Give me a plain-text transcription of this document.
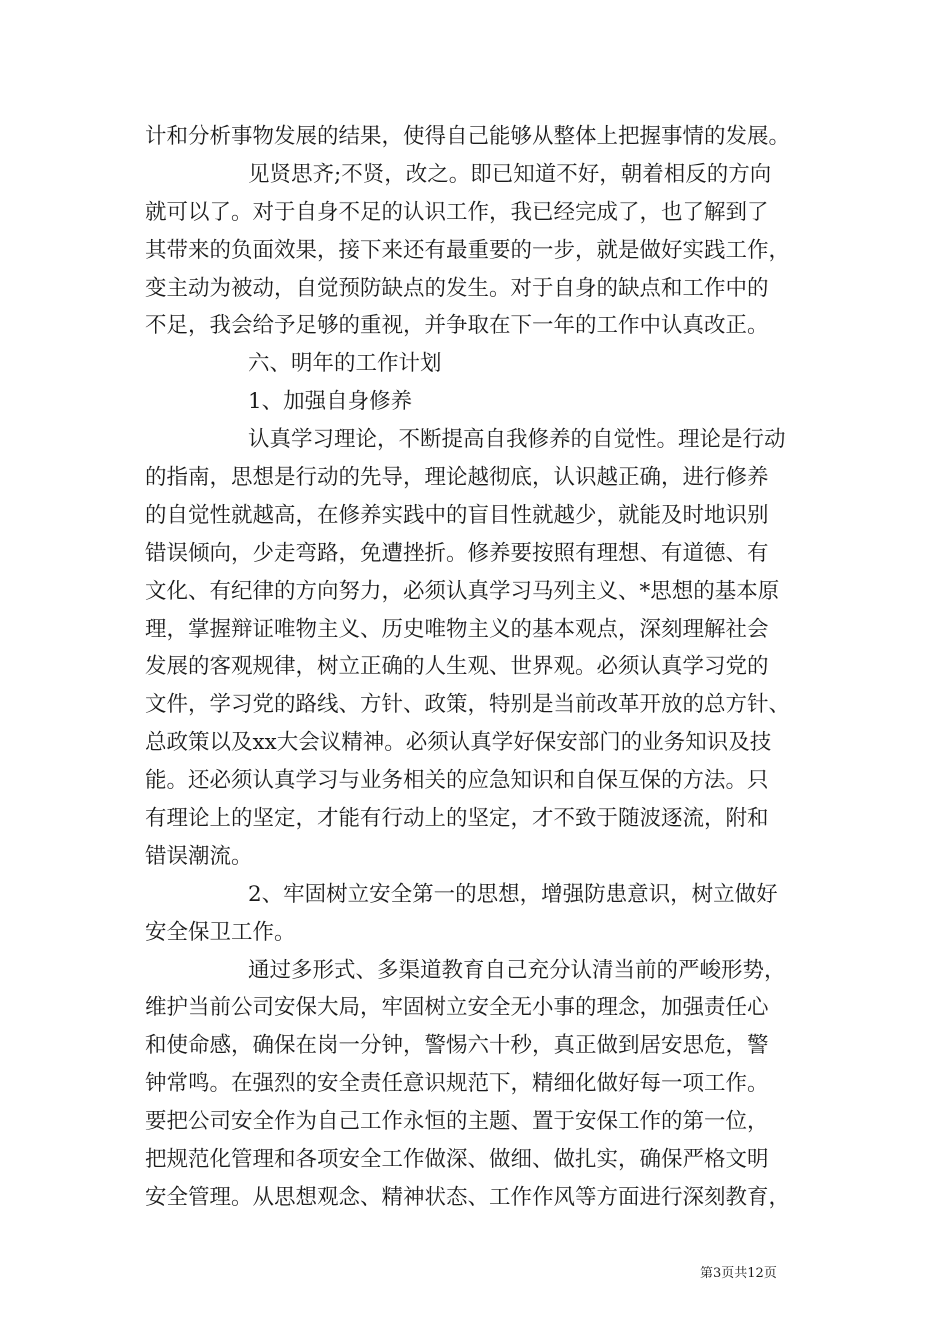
计和分析事物发展的结果，使得自己能够从整体上把握事情的发展。
见贤思齐;不贤，改之。即已知道不好，朝着相反的方向
就可以了。对于自身不足的认识工作，我已经完成了，也了解到了
其带来的负面效果，接下来还有最重要的一步，就是做好实践工作，
变主动为被动，自觉预防缺点的发生。对于自身的缺点和工作中的
不足，我会给予足够的重视，并争取在下一年的工作中认真改正。
六、明年的工作计划
1、加强自身修养
认真学习理论，不断提高自我修养的自觉性。理论是行动
的指南，思想是行动的先导，理论越彻底，认识越正确，进行修养
的自觉性就越高，在修养实践中的盲目性就越少，就能及时地识别
错误倾向，少走弯路，免遭挫折。修养要按照有理想、有道德、有
文化、有纪律的方向努力，必须认真学习马列主义、*思想的基本原
理，掌握辩证唯物主义、历史唯物主义的基本观点，深刻理解社会
发展的客观规律，树立正确的人生观、世界观。必须认真学习党的
文件，学习党的路线、方针、政策，特别是当前改革开放的总方针、
总政策以及xx大会议精神。必须认真学好保安部门的业务知识及技
能。还必须认真学习与业务相关的应急知识和自保互保的方法。只
有理论上的坚定，才能有行动上的坚定，才不致于随波逐流，附和
错误潮流。
2、牢固树立安全第一的思想，增强防患意识，树立做好
安全保卫工作。
通过多形式、多渠道教育自己充分认清当前的严峻形势，
维护当前公司安保大局，牢固树立安全无小事的理念，加强责任心
和使命感，确保在岗一分钟，警惕六十秒，真正做到居安思危，警
钟常鸣。在强烈的安全责任意识规范下，精细化做好每一项工作。
要把公司安全作为自己工作永恒的主题、置于安保工作的第一位，
把规范化管理和各项安全工作做深、做细、做扎实，确保严格文明
安全管理。从思想观念、精神状态、工作作风等方面进行深刻教育，
第3页共12页
